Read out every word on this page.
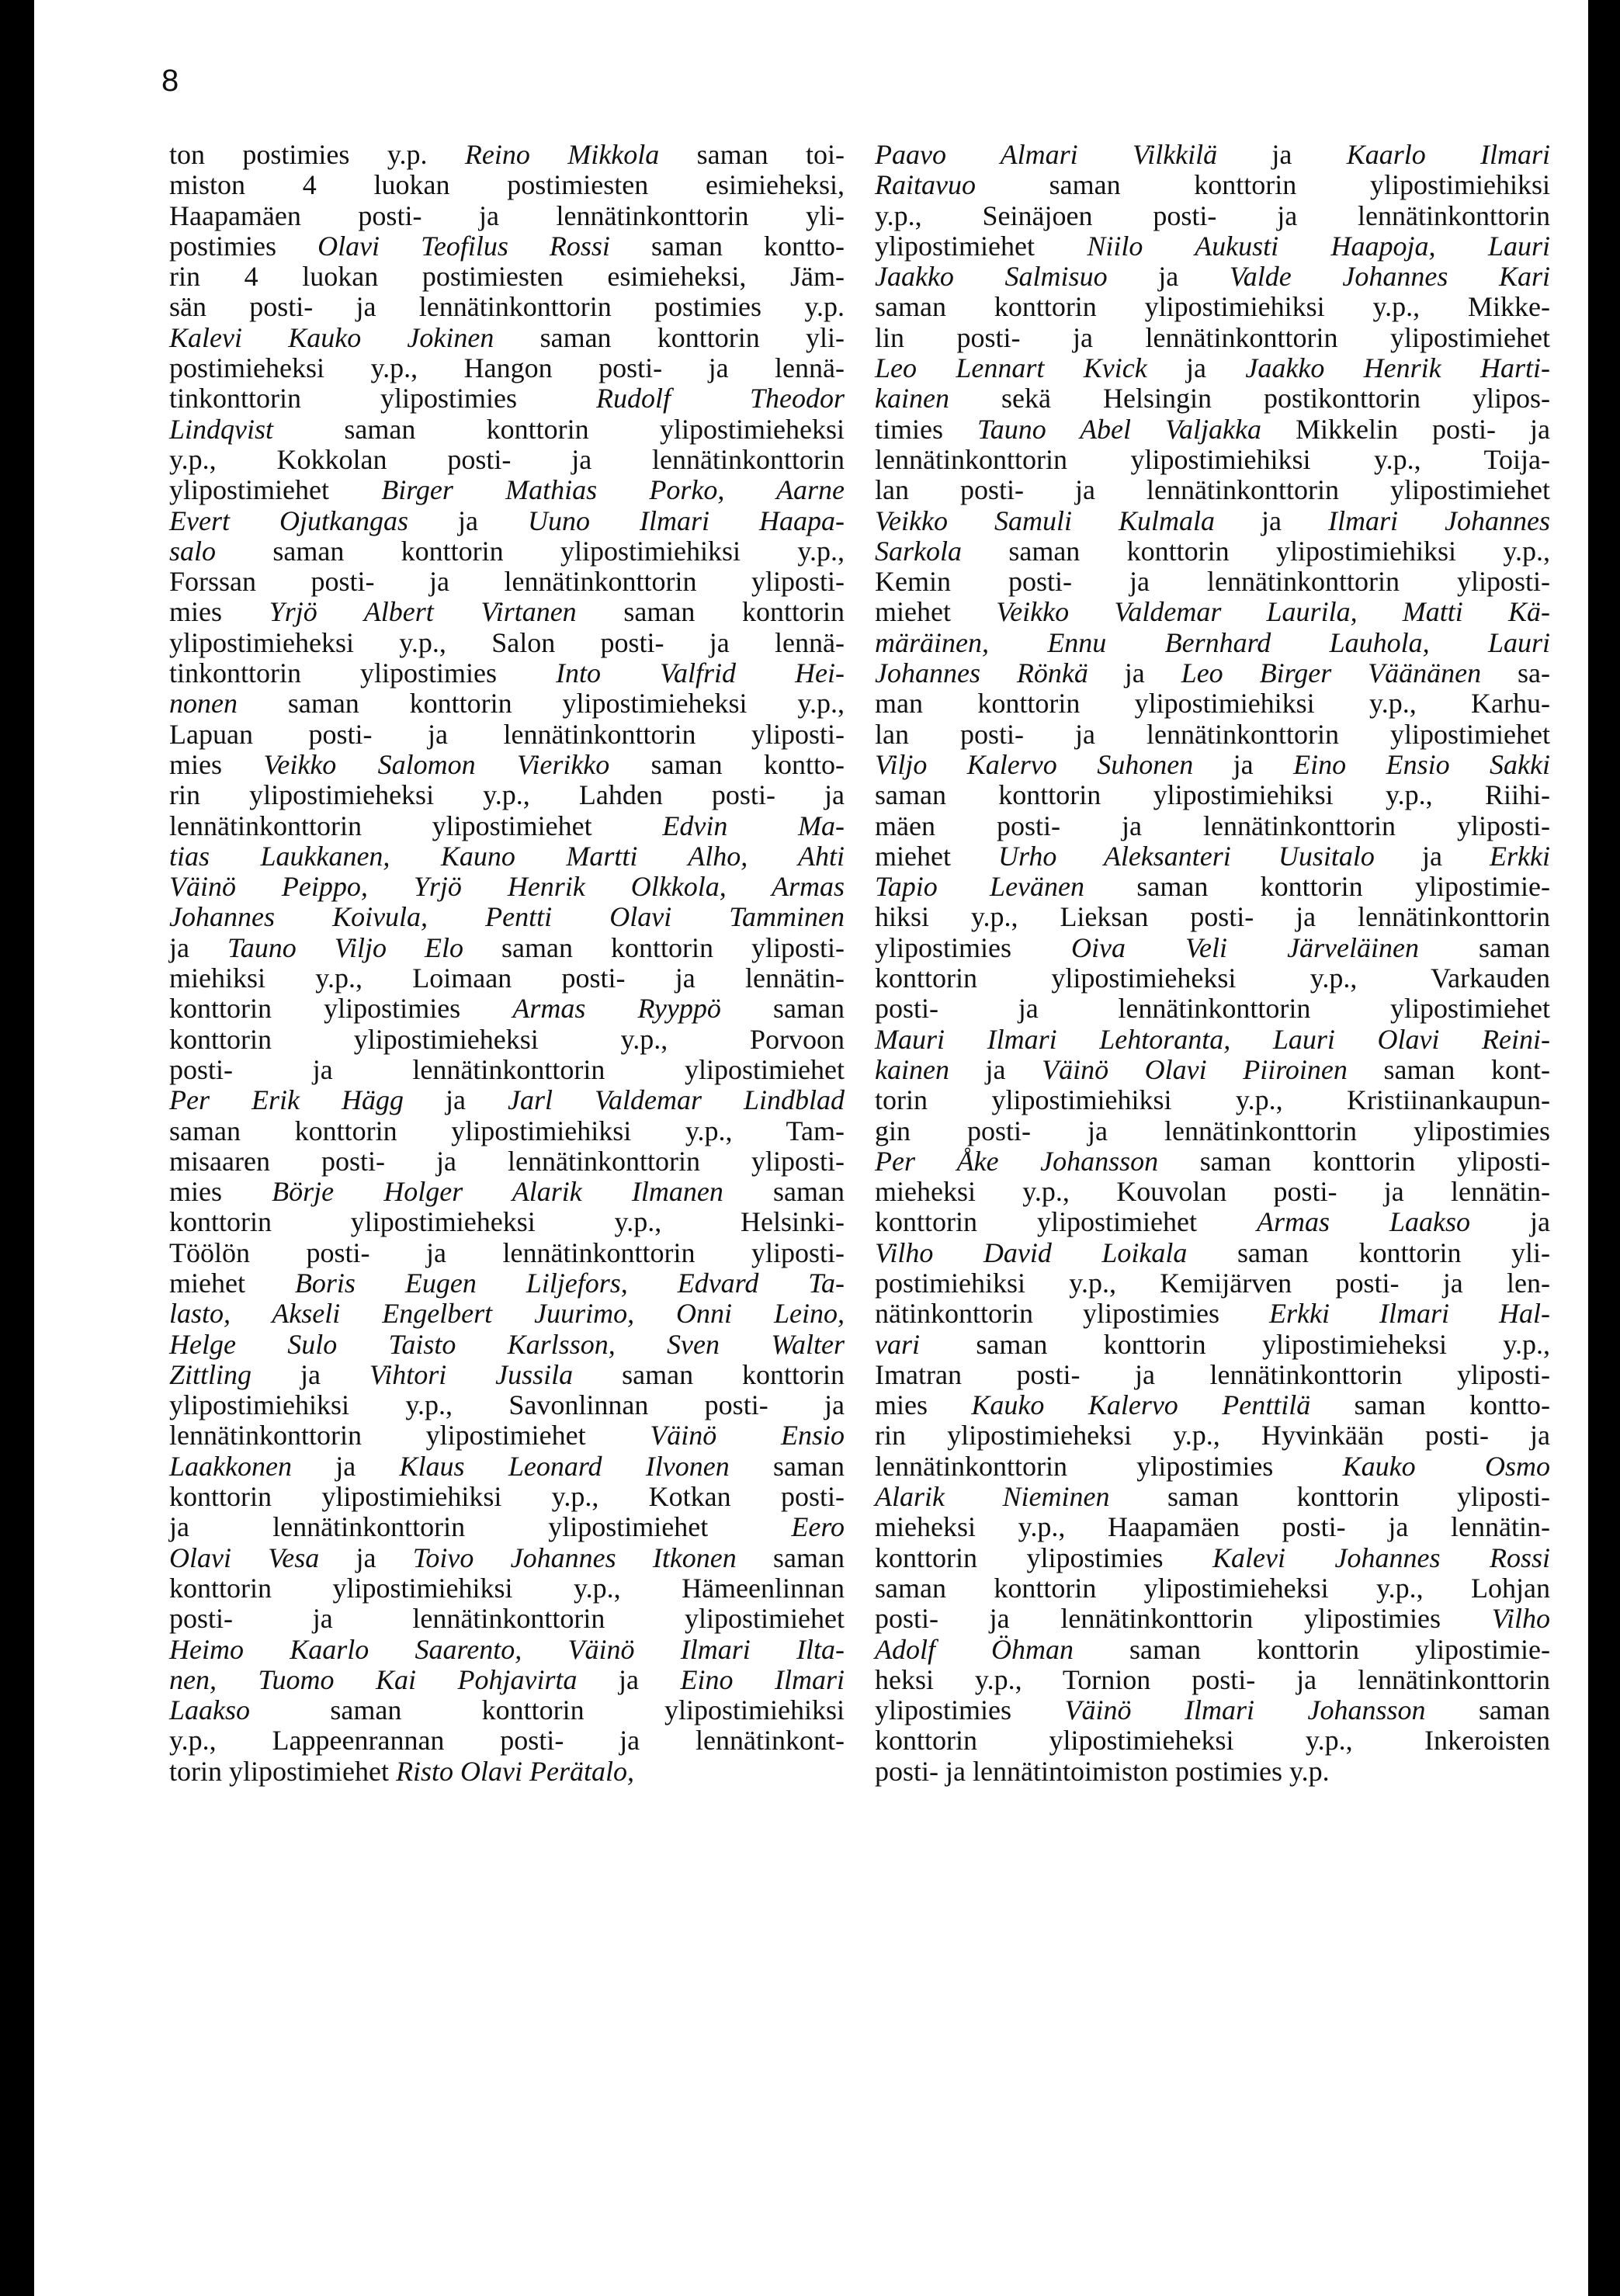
8
ton postimies y.p. Reino Mikkola saman toi-
miston 4 luokan postimiesten esimieheksi,
Haapamäen posti- ja lennätinkonttorin yli-
postimies Olavi Teofilus Rossi saman kontto-
rin 4 luokan postimiesten esimieheksi, Jäm-
sän posti- ja lennätinkonttorin postimies y.p.
Kalevi Kauko Jokinen saman konttorin yli-
postimieheksi y.p., Hangon posti- ja lennä-
tinkonttorin ylipostimies Rudolf Theodor
Lindqvist saman konttorin ylipostimieheksi
y.p., Kokkolan posti- ja lennätinkonttorin
ylipostimiehet Birger Mathias Porko, Aarne
Evert Ojutkangas ja Uuno Ilmari Haapa-
salo saman konttorin ylipostimiehiksi y.p.,
Forssan posti- ja lennätinkonttorin yliposti-
mies Yrjö Albert Virtanen saman konttorin
ylipostimieheksi y.p., Salon posti- ja lennä-
tinkonttorin ylipostimies Into Valfrid Hei-
nonen saman konttorin ylipostimieheksi y.p.,
Lapuan posti- ja lennätinkonttorin yliposti-
mies Veikko Salomon Vierikko saman kontto-
rin ylipostimieheksi y.p., Lahden posti- ja
lennätinkonttorin ylipostimiehet Edvin Ma-
tias Laukkanen, Kauno Martti Alho, Ahti
Väinö Peippo, Yrjö Henrik Olkkola, Armas
Johannes Koivula, Pentti Olavi Tamminen
ja Tauno Viljo Elo saman konttorin yliposti-
miehiksi y.p., Loimaan posti- ja lennätin-
konttorin ylipostimies Armas Ryyppö saman
konttorin ylipostimieheksi y.p., Porvoon
posti- ja lennätinkonttorin ylipostimiehet
Per Erik Hägg ja Jarl Valdemar Lindblad
saman konttorin ylipostimiehiksi y.p., Tam-
misaaren posti- ja lennätinkonttorin yliposti-
mies Börje Holger Alarik Ilmanen saman
konttorin ylipostimieheksi y.p., Helsinki-
Töölön posti- ja lennätinkonttorin yliposti-
miehet Boris Eugen Liljefors, Edvard Ta-
lasto, Akseli Engelbert Juurimo, Onni Leino,
Helge Sulo Taisto Karlsson, Sven Walter
Zittling ja Vihtori Jussila saman konttorin
ylipostimiehiksi y.p., Savonlinnan posti- ja
lennätinkonttorin ylipostimiehet Väinö Ensio
Laakkonen ja Klaus Leonard Ilvonen saman
konttorin ylipostimiehiksi y.p., Kotkan posti-
ja lennätinkonttorin ylipostimiehet Eero
Olavi Vesa ja Toivo Johannes Itkonen saman
konttorin ylipostimiehiksi y.p., Hämeenlinnan
posti- ja lennätinkonttorin ylipostimiehet
Heimo Kaarlo Saarento, Väinö Ilmari Ilta-
nen, Tuomo Kai Pohjavirta ja Eino Ilmari
Laakso saman konttorin ylipostimiehiksi
y.p., Lappeenrannan posti- ja lennätinkont-
torin ylipostimiehet Risto Olavi Perätalo,
Paavo Almari Vilkkilä ja Kaarlo Ilmari
Raitavuo saman konttorin ylipostimiehiksi
y.p., Seinäjoen posti- ja lennätinkonttorin
ylipostimiehet Niilo Aukusti Haapoja, Lauri
Jaakko Salmisuo ja Valde Johannes Kari
saman konttorin ylipostimiehiksi y.p., Mikke-
lin posti- ja lennätinkonttorin ylipostimiehet
Leo Lennart Kvick ja Jaakko Henrik Harti-
kainen sekä Helsingin postikonttorin ylipos-
timies Tauno Abel Valjakka Mikkelin posti- ja
lennätinkonttorin ylipostimiehiksi y.p., Toija-
lan posti- ja lennätinkonttorin ylipostimiehet
Veikko Samuli Kulmala ja Ilmari Johannes
Sarkola saman konttorin ylipostimiehiksi y.p.,
Kemin posti- ja lennätinkonttorin yliposti-
miehet Veikko Valdemar Laurila, Matti Kä-
märäinen, Ennu Bernhard Lauhola, Lauri
Johannes Rönkä ja Leo Birger Väänänen sa-
man konttorin ylipostimiehiksi y.p., Karhu-
lan posti- ja lennätinkonttorin ylipostimiehet
Viljo Kalervo Suhonen ja Eino Ensio Sakki
saman konttorin ylipostimiehiksi y.p., Riihi-
mäen posti- ja lennätinkonttorin yliposti-
miehet Urho Aleksanteri Uusitalo ja Erkki
Tapio Levänen saman konttorin ylipostimie-
hiksi y.p., Lieksan posti- ja lennätinkonttorin
ylipostimies Oiva Veli Järveläinen saman
konttorin ylipostimieheksi y.p., Varkauden
posti- ja lennätinkonttorin ylipostimiehet
Mauri Ilmari Lehtoranta, Lauri Olavi Reini-
kainen ja Väinö Olavi Piiroinen saman kont-
torin ylipostimiehiksi y.p., Kristiinankaupun-
gin posti- ja lennätinkonttorin ylipostimies
Per Åke Johansson saman konttorin yliposti-
mieheksi y.p., Kouvolan posti- ja lennätin-
konttorin ylipostimiehet Armas Laakso ja
Vilho David Loikala saman konttorin yli-
postimiehiksi y.p., Kemijärven posti- ja len-
nätinkonttorin ylipostimies Erkki Ilmari Hal-
vari saman konttorin ylipostimieheksi y.p.,
Imatran posti- ja lennätinkonttorin yliposti-
mies Kauko Kalervo Penttilä saman kontto-
rin ylipostimieheksi y.p., Hyvinkään posti- ja
lennätinkonttorin ylipostimies Kauko Osmo
Alarik Nieminen saman konttorin yliposti-
mieheksi y.p., Haapamäen posti- ja lennätin-
konttorin ylipostimies Kalevi Johannes Rossi
saman konttorin ylipostimieheksi y.p., Lohjan
posti- ja lennätinkonttorin ylipostimies Vilho
Adolf Öhman saman konttorin ylipostimie-
heksi y.p., Tornion posti- ja lennätinkonttorin
ylipostimies Väinö Ilmari Johansson saman
konttorin ylipostimieheksi y.p., Inkeroisten
posti- ja lennätintoimiston postimies y.p.
